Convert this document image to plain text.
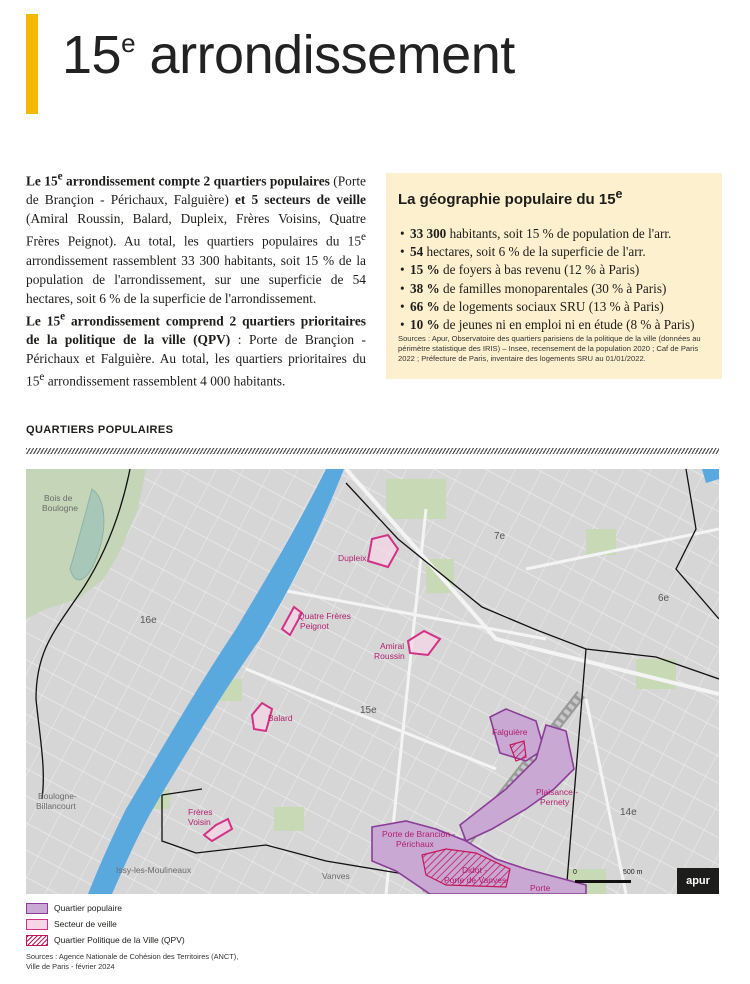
15e arrondissement

Le 15e arrondissement compte 2 quartiers populaires (Porte de Brançion - Périchaux, Falguière) et 5 secteurs de veille (Amiral Roussin, Balard, Dupleix, Frères Voisins, Quatre Frères Peignot). Au total, les quartiers populaires du 15e arrondissement rassemblent 33 300 habitants, soit 15 % de la population de l'arrondissement, sur une superficie de 54 hectares, soit 6 % de la superficie de l'arrondissement.

Le 15e arrondissement comprend 2 quartiers prioritaires de la politique de la ville (QPV) : Porte de Brançion - Périchaux et Falguière. Au total, les quartiers prioritaires du 15e arrondissement rassemblent 4 000 habitants.

La géographie populaire du 15e
• 33 300 habitants, soit 15 % de population de l'arr.
• 54 hectares, soit 6 % de la superficie de l'arr.
• 15 % de foyers à bas revenu (12 % à Paris)
• 38 % de familles monoparentales (30 % à Paris)
• 66 % de logements sociaux SRU (13 % à Paris)
• 10 % de jeunes ni en emploi ni en étude (8 % à Paris)
Sources : Apur, Observatoire des quartiers parisiens de la politique de la ville (données au périmètre statistique des IRIS) – Insee, recensement de la population 2020 ; Caf de Paris 2022 ; Préfecture de Paris, inventaire des logements SRU au 01/01/2022.
QUARTIERS POPULAIRES
Bois de
Boulogne
16e
15e
14e
7e
6e
Dupleix
Quatre Frères
Peignot
Amiral
Roussin
Balard
Falguière
Plaisance -
Pernety
Frères
Voisin
Porte de Brancion -
Périchaux
Didot -
Porte de Vanves
Porte
Boulogne-
Billancourt
Issy-les-Moulineaux
Vanves	0	500 m
apur
Quartier populaire
Secteur de veille
Quartier Politique de la Ville (QPV)
Sources : Agence Nationale de Cohésion des Territoires (ANCT),
Ville de Paris - février 2024
